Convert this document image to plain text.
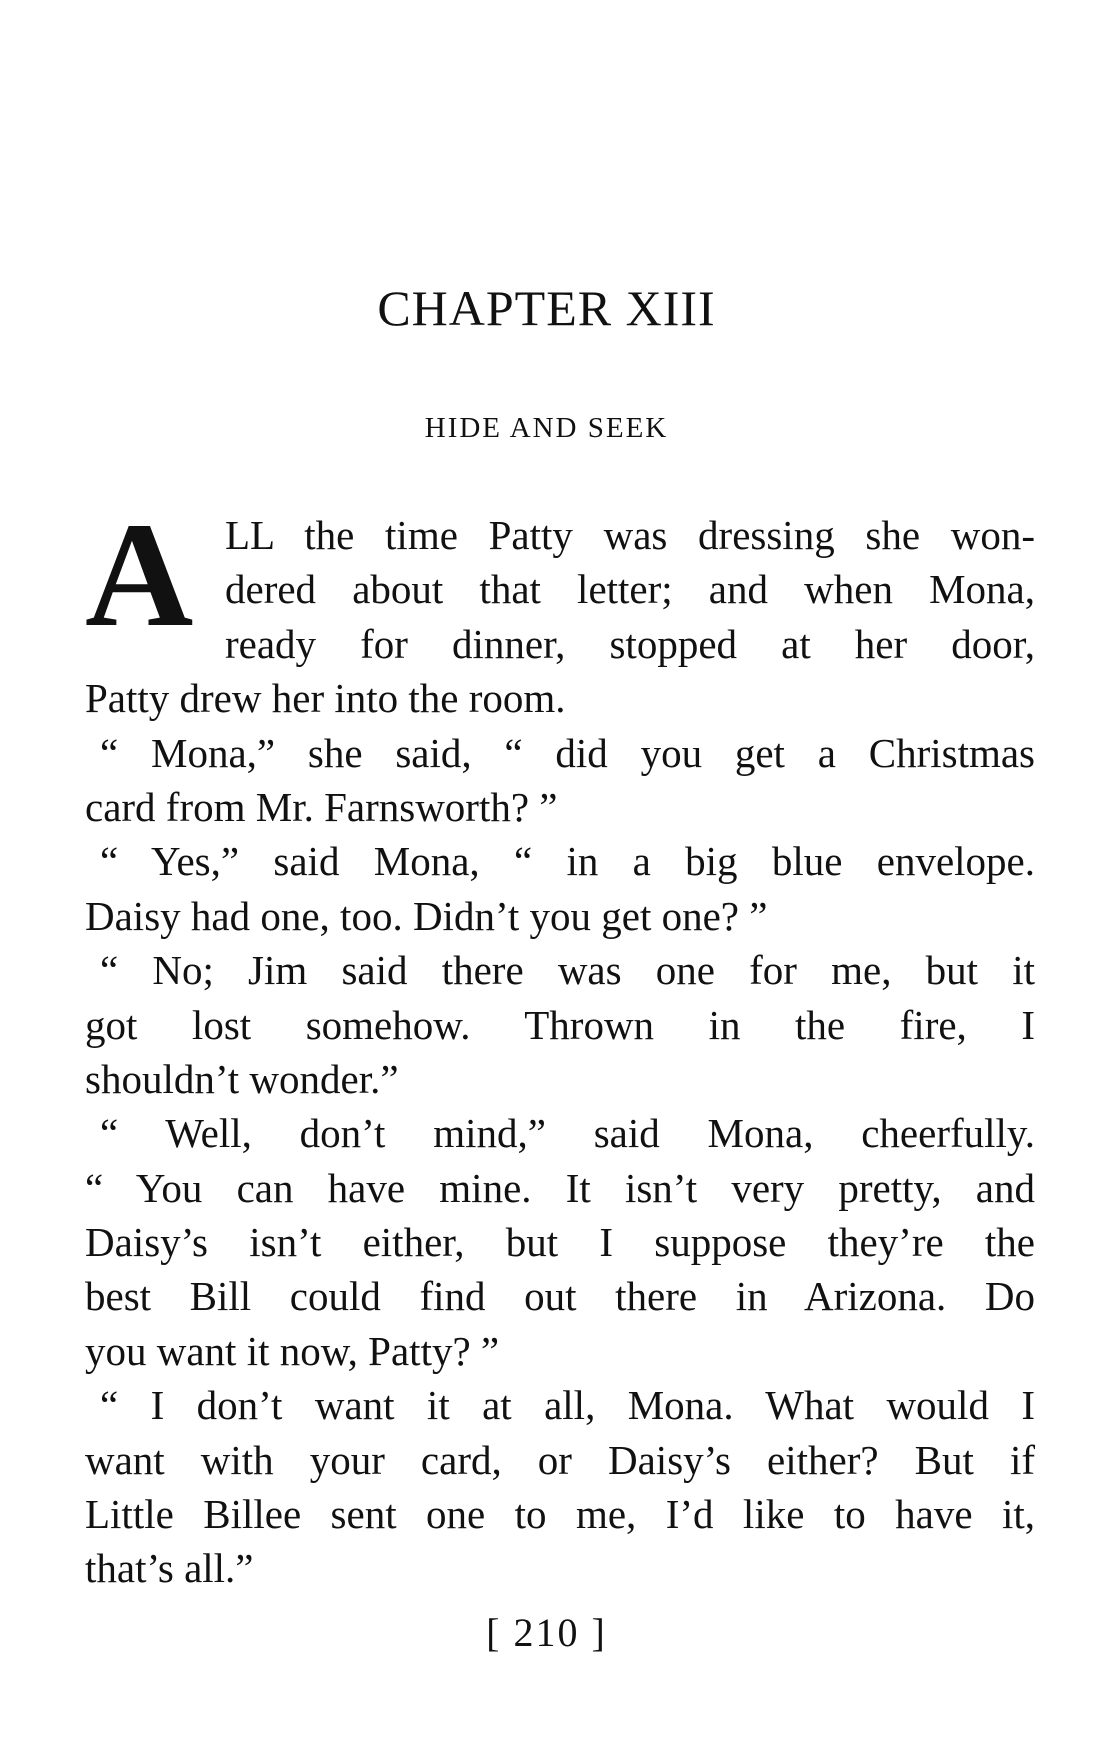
CHAPTER XIII
HIDE AND SEEK
A LL the time Patty was dressing she won-
dered about that letter; and when Mona,
ready for dinner, stopped at her door,
Patty drew her into the room.
“ Mona,” she said, “ did you get a Christmas
card from Mr. Farnsworth? ”
“ Yes,” said Mona, “ in a big blue envelope.
Daisy had one, too. Didn’t you get one? ”
“ No; Jim said there was one for me, but it
got lost somehow. Thrown in the fire, I
shouldn’t wonder.”
“ Well, don’t mind,” said Mona, cheerfully.
“ You can have mine. It isn’t very pretty, and
Daisy’s isn’t either, but I suppose they’re the
best Bill could find out there in Arizona. Do
you want it now, Patty? ”
“ I don’t want it at all, Mona. What would I
want with your card, or Daisy’s either? But if
Little Billee sent one to me, I’d like to have it,
that’s all.”
[ 210 ]
